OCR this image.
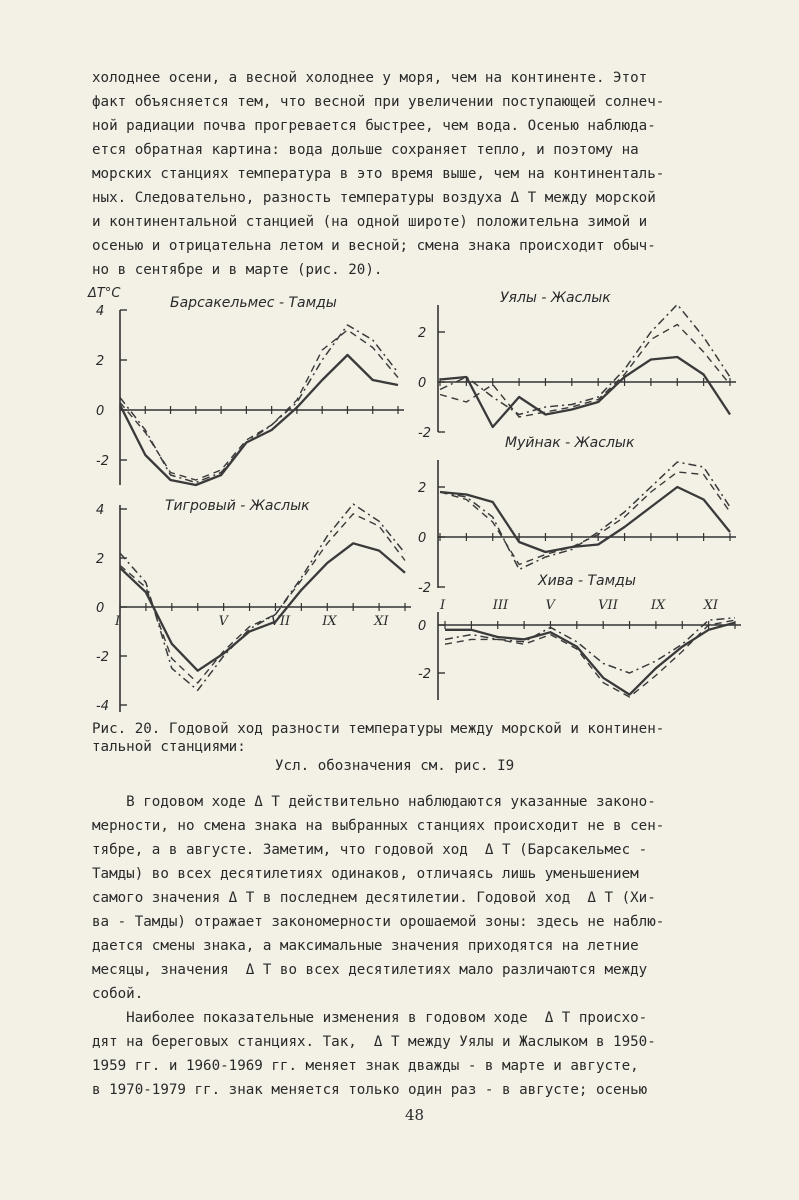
холоднее осени, а весной холоднее у моря, чем на континенте. Этот
факт объясняется тем, что весной при увеличении поступающей солнеч-
ной радиации почва прогревается быстрее, чем вода. Осенью наблюда-
ется обратная картина: вода дольше сохраняет тепло, и поэтому на
морских станциях температура в это время выше, чем на континенталь-
ных. Следовательно, разность температуры воздуха Δ T между морской
и континентальной станцией (на одной широте) положительна зимой и
осенью и отрицательна летом и весной; смена знака происходит обыч-
но в сентябре и в марте (рис. 20).
ΔT°C
Барсакельмес - Тамды
4
2
0
-2
Уялы - Жаслык
2
0
-2
Муйнак - Жаслык
2
0
-2
Тигровый - Жаслык
4
2
0
-2
-4
I	V	VII IX	XI
Хива - Тамды
0
-2
I	III	V	VII	IX	XI
Рис. 20. Годовой ход разности температуры между морской и континен-
тальной станциями:
Усл. обозначения см. рис. I9
В годовом ходе Δ T действительно наблюдаются указанные законо-
мерности, но смена знака на выбранных станциях происходит не в сен-
тябре, а в августе. Заметим, что годовой ход  Δ T (Барсакельмес -
Тамды) во всех десятилетиях одинаков, отличаясь лишь уменьшением
самого значения Δ T в последнем десятилетии. Годовой ход  Δ T (Хи-
ва - Тамды) отражает закономерности орошаемой зоны: здесь не наблю-
дается смены знака, а максимальные значения приходятся на летние
месяцы, значения  Δ T во всех десятилетиях мало различаются между
собой.
Наиболее показательные изменения в годовом ходе  Δ T происхо-
дят на береговых станциях. Так,  Δ T между Уялы и Жаслыком в 1950-
1959 гг. и 1960-1969 гг. меняет знак дважды - в марте и августе,
в 1970-1979 гг. знак меняется только один раз - в августе; осенью
48
